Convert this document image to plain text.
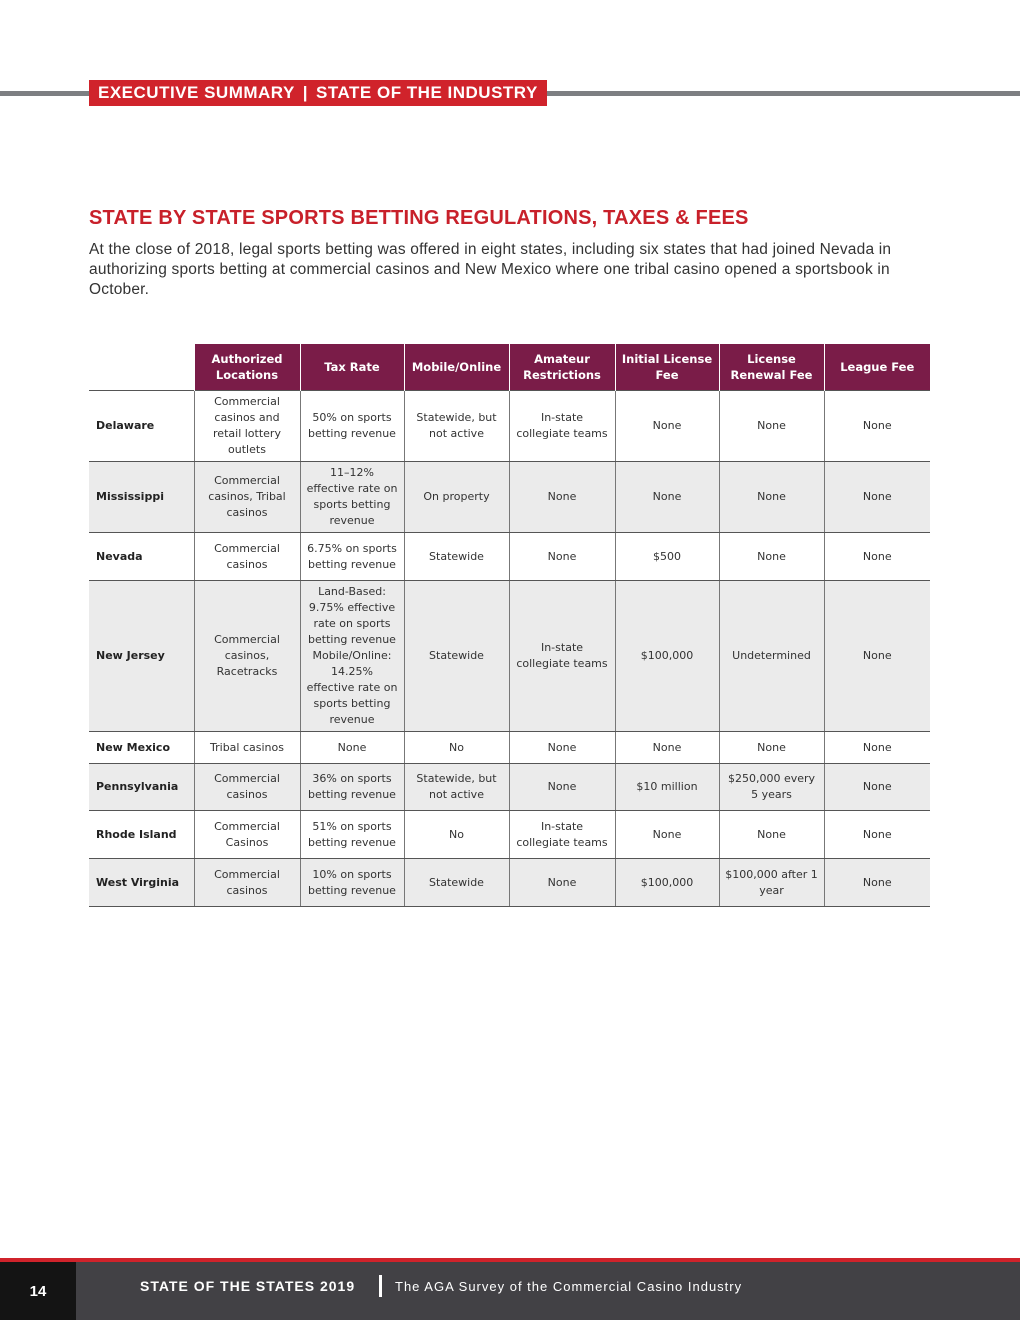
EXECUTIVE SUMMARY | STATE OF THE INDUSTRY
STATE BY STATE SPORTS BETTING REGULATIONS, TAXES & FEES

At the close of 2018, legal sports betting was offered in eight states, including six states that had joined Nevada in authorizing sports betting at commercial casinos and New Mexico where one tribal casino opened a sportsbook in October.

	Authorized Locations	Tax Rate	Mobile/Online	Amateur Restrictions	Initial License Fee	License Renewal Fee	League Fee
Delaware	Commercial casinos and retail lottery outlets	50% on sports betting revenue	Statewide, but not active	In-state collegiate teams	None	None	None
Mississippi	Commercial casinos, Tribal casinos	11–12% effective rate on sports betting revenue	On property	None	None	None	None
Nevada	Commercial casinos	6.75% on sports betting revenue	Statewide	None	$500	None	None
New Jersey	Commercial casinos, Racetracks	Land-Based: 9.75% effective rate on sports betting revenue Mobile/Online: 14.25% effective rate on sports betting revenue	Statewide	In-state collegiate teams	$100,000	Undetermined	None
New Mexico	Tribal casinos	None	No	None	None	None	None
Pennsylvania	Commercial casinos	36% on sports betting revenue	Statewide, but not active	None	$10 million	$250,000 every 5 years	None
Rhode Island	Commercial Casinos	51% on sports betting revenue	No	In-state collegiate teams	None	None	None
West Virginia	Commercial casinos	10% on sports betting revenue	Statewide	None	$100,000	$100,000 after 1 year	None
14	STATE OF THE STATES 2019	The AGA Survey of the Commercial Casino Industry
